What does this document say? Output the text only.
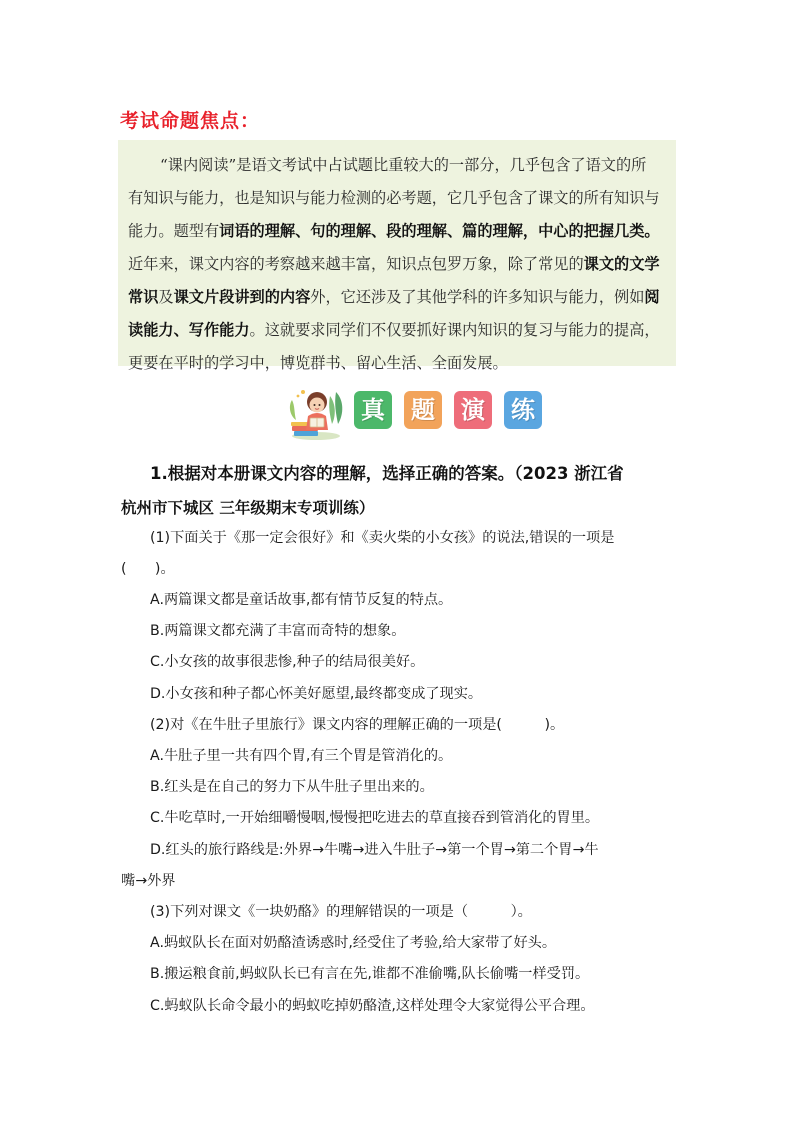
考试命题焦点：
“课内阅读”是语文考试中占试题比重较大的一部分，几乎包含了语文的所
有知识与能力，也是知识与能力检测的必考题，它几乎包含了课文的所有知识与
能力。题型有词语的理解、句的理解、段的理解、篇的理解，中心的把握几类。
近年来，课文内容的考察越来越丰富，知识点包罗万象，除了常见的课文的文学
常识及课文片段讲到的内容外，它还涉及了其他学科的许多知识与能力，例如阅
读能力、写作能力。这就要求同学们不仅要抓好课内知识的复习与能力的提高，
更要在平时的学习中，博览群书、留心生活、全面发展。
真 题 演 练
1.根据对本册课文内容的理解，选择正确的答案。（2023 浙江省
杭州市下城区 三年级期末专项训练）
(1)下面关于《那一定会很好》和《卖火柴的小女孩》的说法,错误的一项是
(　　)。
A.两篇课文都是童话故事,都有情节反复的特点。
B.两篇课文都充满了丰富而奇特的想象。
C.小女孩的故事很悲惨,种子的结局很美好。
D.小女孩和种子都心怀美好愿望,最终都变成了现实。
(2)对《在牛肚子里旅行》课文内容的理解正确的一项是(　　　)。
A.牛肚子里一共有四个胃,有三个胃是管消化的。
B.红头是在自己的努力下从牛肚子里出来的。
C.牛吃草时,一开始细嚼慢咽,慢慢把吃进去的草直接吞到管消化的胃里。
D.红头的旅行路线是:外界→牛嘴→进入牛肚子→第一个胃→第二个胃→牛
嘴→外界
(3)下列对课文《一块奶酪》的理解错误的一项是（　　　）。
A.蚂蚁队长在面对奶酪渣诱惑时,经受住了考验,给大家带了好头。
B.搬运粮食前,蚂蚁队长已有言在先,谁都不准偷嘴,队长偷嘴一样受罚。
C.蚂蚁队长命令最小的蚂蚁吃掉奶酪渣,这样处理令大家觉得公平合理。
